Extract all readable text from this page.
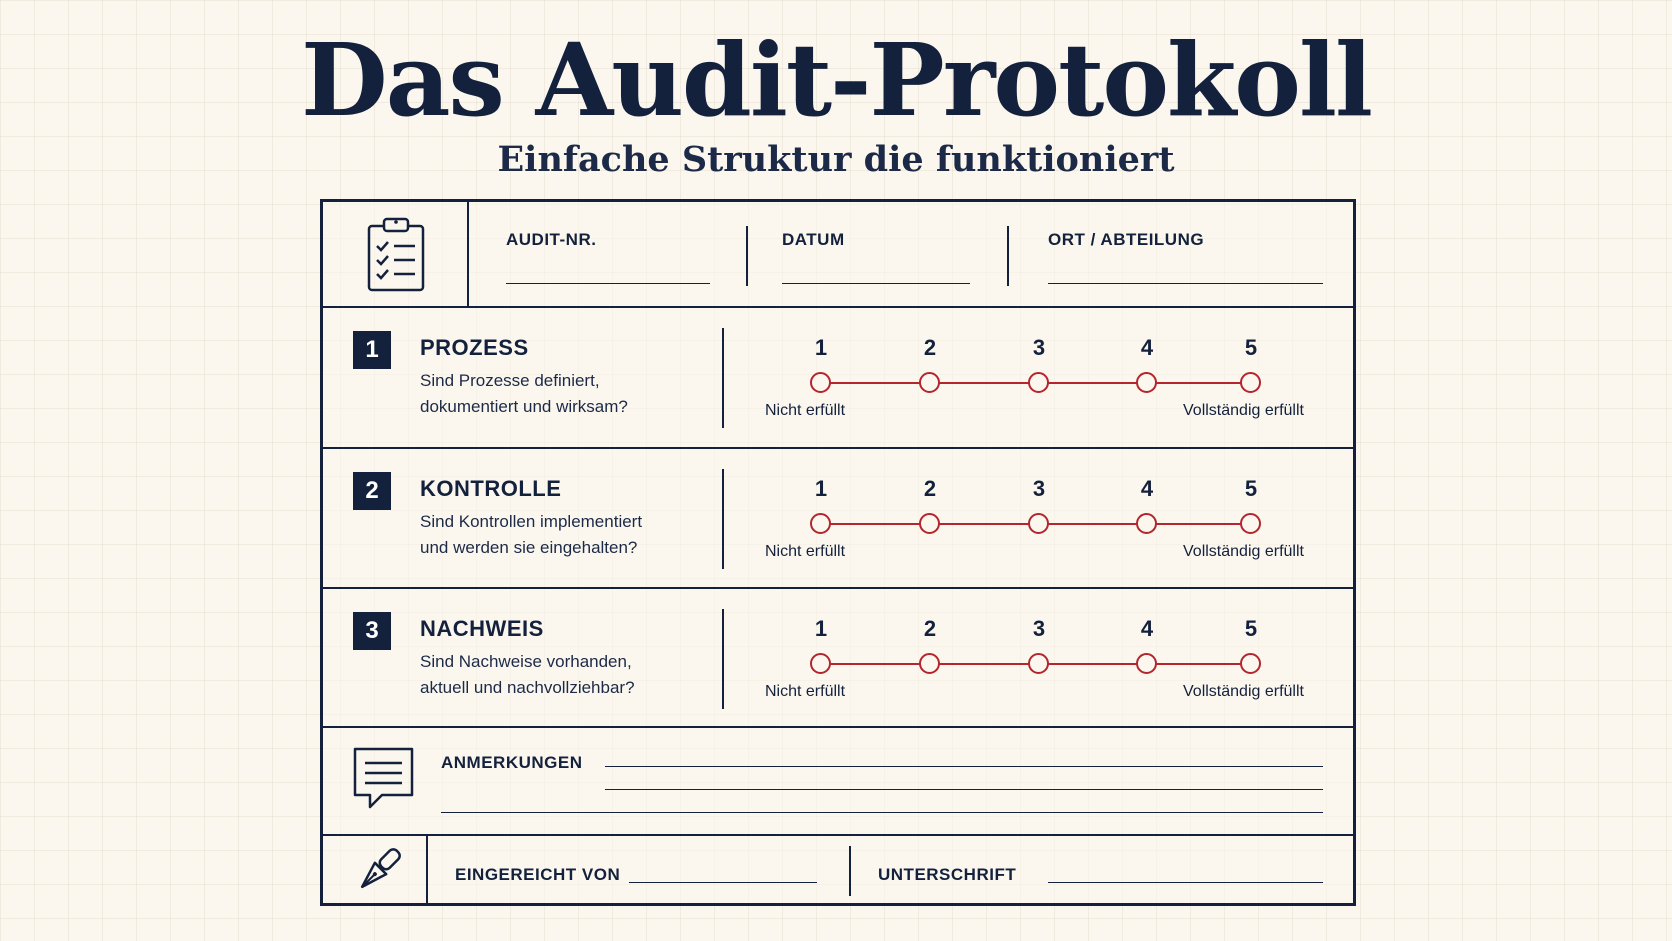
Das Audit-Protokoll
Einfache Struktur die funktioniert
AUDIT-NR.	DATUM	ORT / ABTEILUNG
1	PROZESS
Sind Prozesse definiert,
dokumentiert und wirksam?
1	2	3	4	5
Nicht erfüllt	Vollständig erfüllt
2	KONTROLLE
Sind Kontrollen implementiert
und werden sie eingehalten?
1	2	3	4	5
Nicht erfüllt	Vollständig erfüllt
3	NACHWEIS
Sind Nachweise vorhanden,
aktuell und nachvollziehbar?
1	2	3	4	5
Nicht erfüllt	Vollständig erfüllt
ANMERKUNGEN
EINGEREICHT VON	UNTERSCHRIFT
